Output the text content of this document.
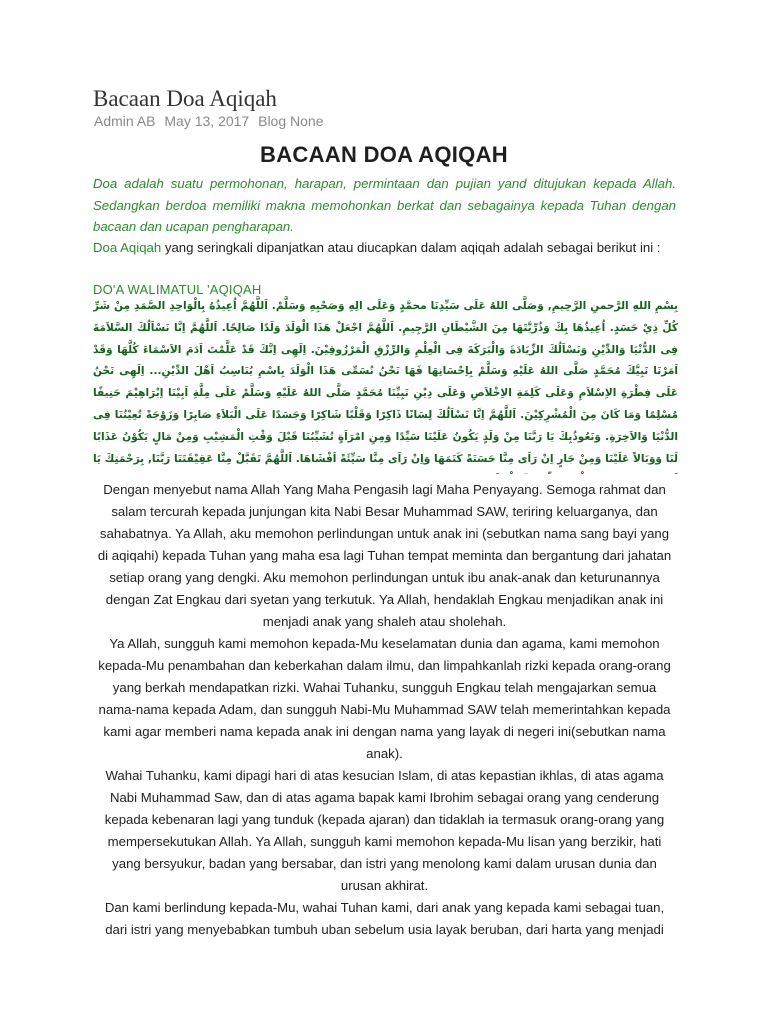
Bacaan Doa Aqiqah
Admin AB May 13, 2017 Blog None
BACAAN DOA AQIQAH
Doa adalah suatu permohonan, harapan, permintaan dan pujian yand ditujukan kepada Allah. Sedangkan berdoa memiliki makna memohonkan berkat dan sebagainya kepada Tuhan dengan bacaan dan ucapan pengharapan.
Doa Aqiqah yang seringkali dipanjatkan atau diucapkan dalam aqiqah adalah sebagai berikut ini :
DO'A WALIMATUL 'AQIQAH
بِسْمِ اللهِ الرَّحمنِ الرَّحِيمِ, وَصَلَّى اللهُ عَلَى سَيِّدِنَا محمَّدٍ وَعَلَى الِهِ وَصَحْبِهِ وَسَلَّمْ. اَللَّهُمَّ اُعِيذُهُ بِالْوَاحِدِ الصَّمَدِ مِنْ شَرِّ كُلِّ ذِيْ حَسَدٍ. اُعِيذُهَا بِكَ وَذُرِّيَّتَهَا مِنَ الشَّيْطَانِ الرَّجِيمِ. اَللَّهُمَّ اجْعَلْ هَذَا الْوَلَدَ وَلَدًا صَالِحًا. اَللَّهُمَّ اِنَّا نَسْاَلُكَ السَّلاَمَةَ فِى الدُّنْيَا وَالدِّيْنِ وَنَسْاَلُكَ الزِّيَادَةَ وَالْبَرَكَةَ فِى الْعِلْمِ وَالرِّزْقِ الْمَرْزُوقِيْنَ. اِلَهِى اِنَّكَ قَدْ عَلَّمْتَ اَدَمَ الاَسْمَاءَ كُلَّهَا وَقَدْ اَمَرْنَا نَبِيَّكَ مُحَمَّدٍ صَلَّى اللهُ عَلَيْهِ وَسَلَّمْ بِاِحْسَانِهَا فَهَا نَحْنُ نُسَمِّى هَذَا الْوَلَدَ بِاسْمِ يُنَاسِبُ اَهْلَ الدِّيْنِ... اِلَهِى نَحْنُ عَلَى فِطْرَةِ الاِسْلاَمِ وَعَلَى كَلِمَةِ الاِخْلاَصِ وَعَلَى دِيْنِ نَبِيِّنَا مُحَمَّدٍ صَلَّى اللهُ عَلَيْهِ وَسَلَّمْ عَلَى مِلَّةِ اَبِيْنَا اِبْرَاهِيْمَ حَنِيفًا مُسْلِمًا وَمَا كَانَ مِنَ الْمُشْرِكِيْنَ. اَللَّهُمَّ اِنَّا نَسْاَلُكَ لِسَانًا ذَاكِرًا وَقَلْبًا شَاكِرًا وَجَسَدًا عَلَى الْبَلاَءِ صَابِرًا وَزَوْجَةً تُعِيْنُنَا فِى الدُّنْيَا وَالاَخِرَةِ. وَنَعُوذُبِكَ يَا رَبَّنَا مِنْ وَلَدٍ يَكُونُ عَلَيْنَا سَيِّدًا وَمِنِ امْرَاَةٍ تُشَيِّبُنَا قَبْلَ وَقْتِ الْمَشِيْبِ وَمِنْ مَالٍ يَكُوْنُ عَذَابًا لَنَا وَوَبَالاً عَلَيْنَا وَمِنْ جَارٍ اِنْ رَاَى مِنَّا حَسَنَةً كَتَمَهَا وَاِنْ رَاَى مِنَّا سَيِّئَةً اَفْشَاهَا. اَللَّهُمَّ تَقَبَّلْ مِنَّا عَقِيْقَتَنَا رَبَّنَا, بِرَحْمَتِكَ يَا

Dengan menyebut nama Allah Yang Maha Pengasih lagi Maha Penyayang. Semoga rahmat dan salam tercurah kepada junjungan kita Nabi Besar Muhammad SAW, teriring keluarganya, dan sahabatnya. Ya Allah, aku memohon perlindungan untuk anak ini (sebutkan nama sang bayi yang di aqiqahi) kepada Tuhan yang maha esa lagi Tuhan tempat meminta dan bergantung dari jahatan setiap orang yang dengki. Aku memohon perlindungan untuk ibu anak-anak dan keturunannya dengan Zat Engkau dari syetan yang terkutuk. Ya Allah, hendaklah Engkau menjadikan anak ini menjadi anak yang shaleh atau sholehah.

Ya Allah, sungguh kami memohon kepada-Mu keselamatan dunia dan agama, kami memohon kepada-Mu penambahan dan keberkahan dalam ilmu, dan limpahkanlah rizki kepada orang-orang yang berkah mendapatkan rizki. Wahai Tuhanku, sungguh Engkau telah mengajarkan semua nama-nama kepada Adam, dan sungguh Nabi-Mu Muhammad SAW telah memerintahkan kepada kami agar memberi nama kepada anak ini dengan nama yang layak di negeri ini(sebutkan nama anak).

Wahai Tuhanku, kami dipagi hari di atas kesucian Islam, di atas kepastian ikhlas, di atas agama Nabi Muhammad Saw, dan di atas agama bapak kami Ibrohim sebagai orang yang cenderung kepada kebenaran lagi yang tunduk (kepada ajaran) dan tidaklah ia termasuk orang-orang yang mempersekutukan Allah. Ya Allah, sungguh kami memohon kepada-Mu lisan yang berzikir, hati yang bersyukur, badan yang bersabar, dan istri yang menolong kami dalam urusan dunia dan urusan akhirat.

Dan kami berlindung kepada-Mu, wahai Tuhan kami, dari anak yang kepada kami sebagai tuan, dari istri yang menyebabkan tumbuh uban sebelum usia layak beruban, dari harta yang menjadi
